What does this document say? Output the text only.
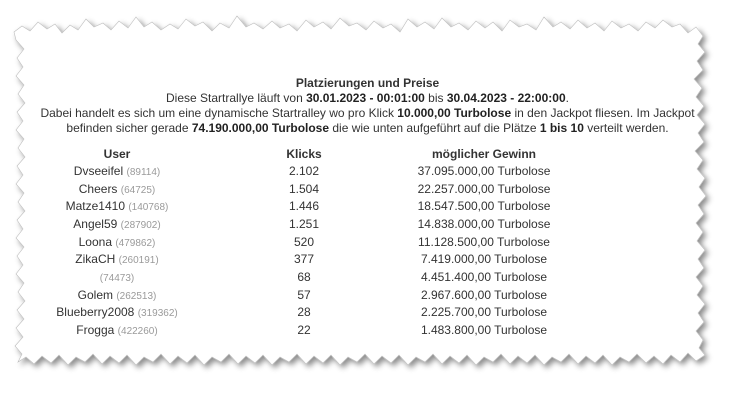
Platzierungen und Preise
Diese Startrallye läuft von 30.01.2023 - 00:01:00 bis 30.04.2023 - 22:00:00.
Dabei handelt es sich um eine dynamische Startralley wo pro Klick 10.000,00 Turbolose in den Jackpot fliesen. Im Jackpot
befinden sicher gerade 74.190.000,00 Turbolose die wie unten aufgeführt auf die Plätze 1 bis 10 verteilt werden.
User	Klicks	möglicher Gewinn
Dvseeifel (89114)	2.102	37.095.000,00 Turbolose
Cheers (64725)	1.504	22.257.000,00 Turbolose
Matze1410 (140768)	1.446	18.547.500,00 Turbolose
Angel59 (287902)	1.251	14.838.000,00 Turbolose
Loona (479862)	520	11.128.500,00 Turbolose
ZikaCH (260191)	377	7.419.000,00 Turbolose
(74473)	68	4.451.400,00 Turbolose
Golem (262513)	57	2.967.600,00 Turbolose
Blueberry2008 (319362)	28	2.225.700,00 Turbolose
Frogga (422260)	22	1.483.800,00 Turbolose
